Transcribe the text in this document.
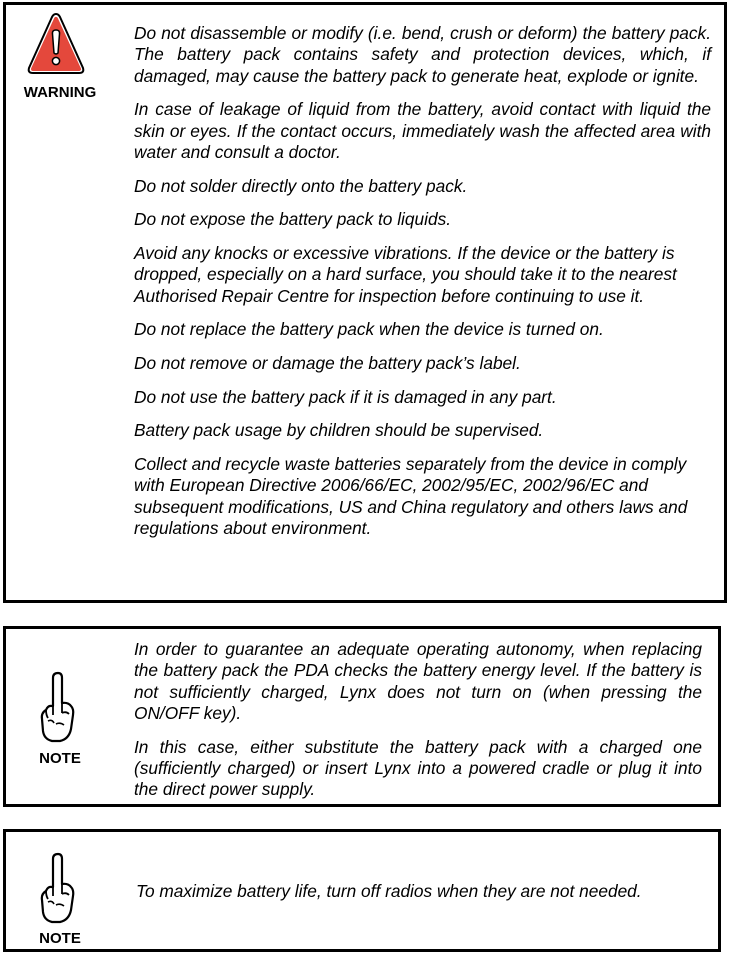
WARNING

Do not disassemble or modify (i.e. bend, crush or deform) the battery pack. The battery pack contains safety and protection devices, which, if damaged, may cause the battery pack to generate heat, explode or ignite.

In case of leakage of liquid from the battery, avoid contact with liquid the skin or eyes. If the contact occurs, immediately wash the affected area with water and consult a doctor.

Do not solder directly onto the battery pack.

Do not expose the battery pack to liquids.

Avoid any knocks or excessive vibrations. If the device or the battery is dropped, especially on a hard surface, you should take it to the nearest Authorised Repair Centre for inspection before continuing to use it.

Do not replace the battery pack when the device is turned on.

Do not remove or damage the battery pack’s label.

Do not use the battery pack if it is damaged in any part.

Battery pack usage by children should be supervised.

Collect and recycle waste batteries separately from the device in comply with European Directive 2006/66/EC, 2002/95/EC, 2002/96/EC and subsequent modifications, US and China regulatory and others laws and regulations about environment.

NOTE

In order to guarantee an adequate operating autonomy, when replacing the battery pack the PDA checks the battery energy level. If the battery is not sufficiently charged, Lynx does not turn on (when pressing the ON/OFF key).

In this case, either substitute the battery pack with a charged one (sufficiently charged) or insert Lynx into a powered cradle or plug it into the direct power supply.

NOTE
To maximize battery life, turn off radios when they are not needed.
